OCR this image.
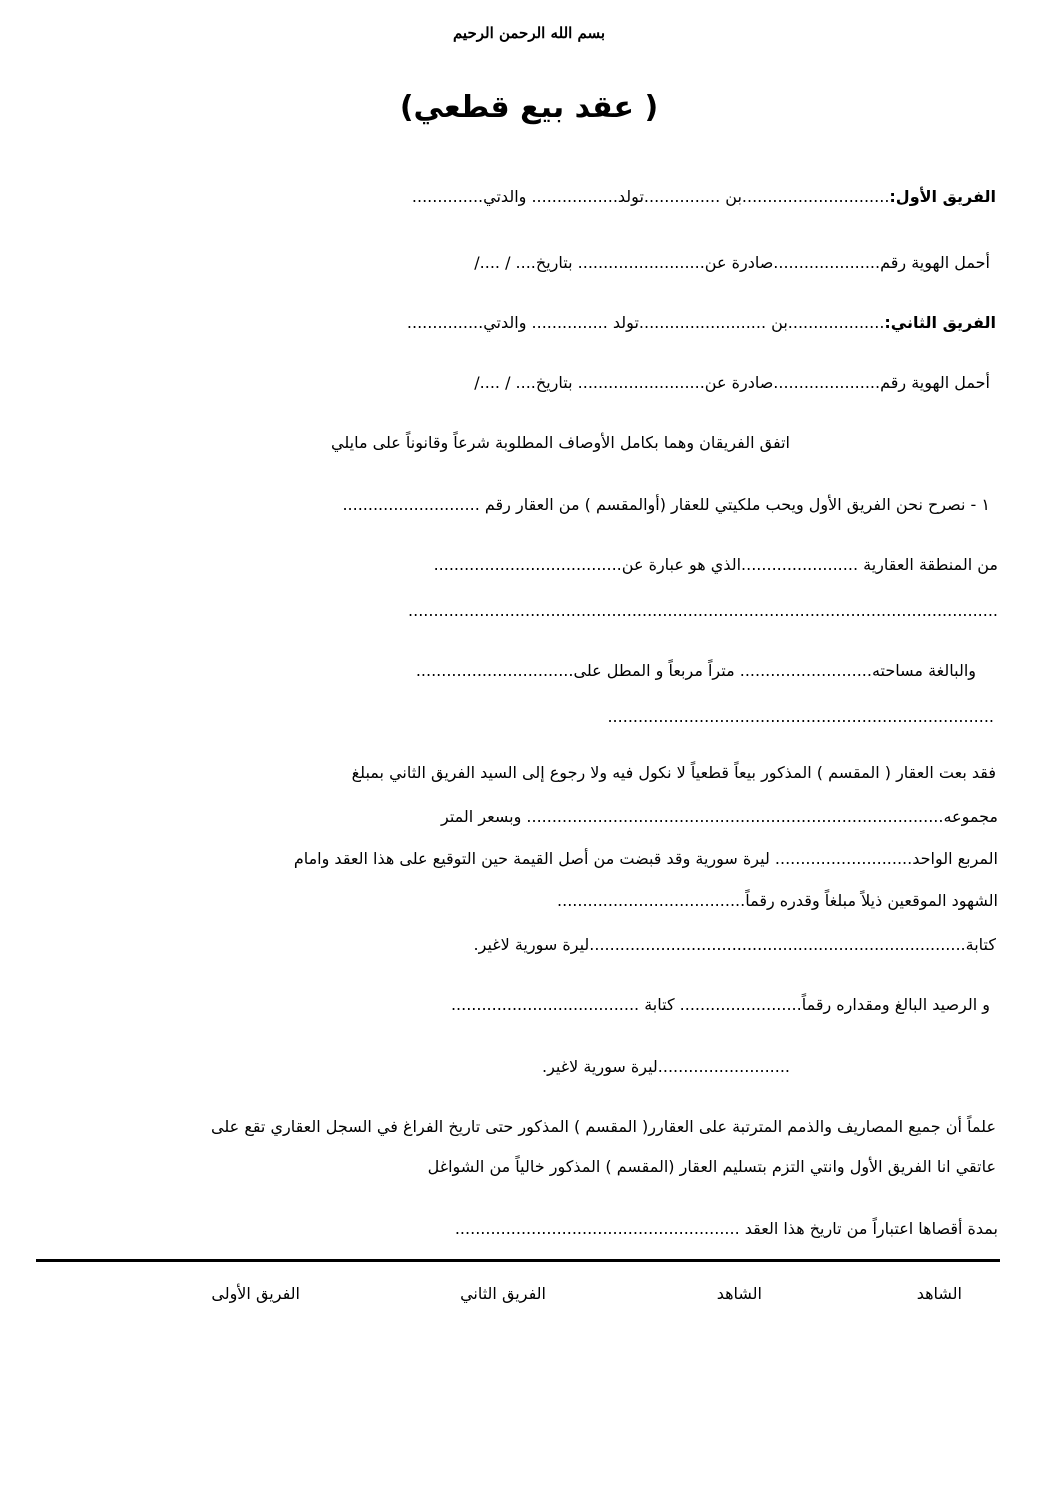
بسم الله الرحمن الرحيم
( عقد بيع قطعي)
الفريق الأول:.............................بن ...............تولد................. والدتي..............
أحمل الهوية رقم.....................صادرة عن......................... بتاريخ.... / ..../
الفريق الثاني:...................بن .........................تولد ............... والدتي...............
أحمل الهوية رقم.....................صادرة عن......................... بتاريخ.... / ..../
اتفق الفريقان وهما بكامل الأوصاف المطلوبة شرعاً وقانوناً على مايلي
١ - نصرح نحن الفريق الأول ويحب ملكيتي للعقار (أوالمقسم ) من العقار رقم ...........................
من المنطقة العقارية .......................الذي هو عبارة عن.....................................
....................................................................................................................
والبالغة مساحته.......................... متراً مربعاً و المطل على...............................
............................................................................
فقد بعت العقار ( المقسم ) المذكور بيعاً قطعياً لا نكول فيه ولا رجوع إلى السيد الفريق الثاني بمبلغ
مجموعه.................................................................................. وبسعر المتر
المربع الواحد........................... ليرة سورية وقد قبضت من أصل القيمة حين التوقيع على هذا العقد وامام
الشهود الموقعين ذيلاً مبلغاً وقدره رقماً.....................................
كتابة..........................................................................ليرة سورية لاغير.
و الرصيد البالغ ومقداره رقماً........................ كتابة .....................................
..........................ليرة سورية لاغير.
علماً أن جميع المصاريف والذمم المترتبة على العقارر( المقسم ) المذكور حتى تاريخ الفراغ في السجل العقاري تقع على
عاتقي انا الفريق الأول وانتي التزم بتسليم العقار (المقسم ) المذكور خالياً من الشواغل
بمدة أقصاها اعتباراً من تاريخ هذا العقد ........................................................
الشاهد
الشاهد
الفريق الثاني
الفريق الأولى
